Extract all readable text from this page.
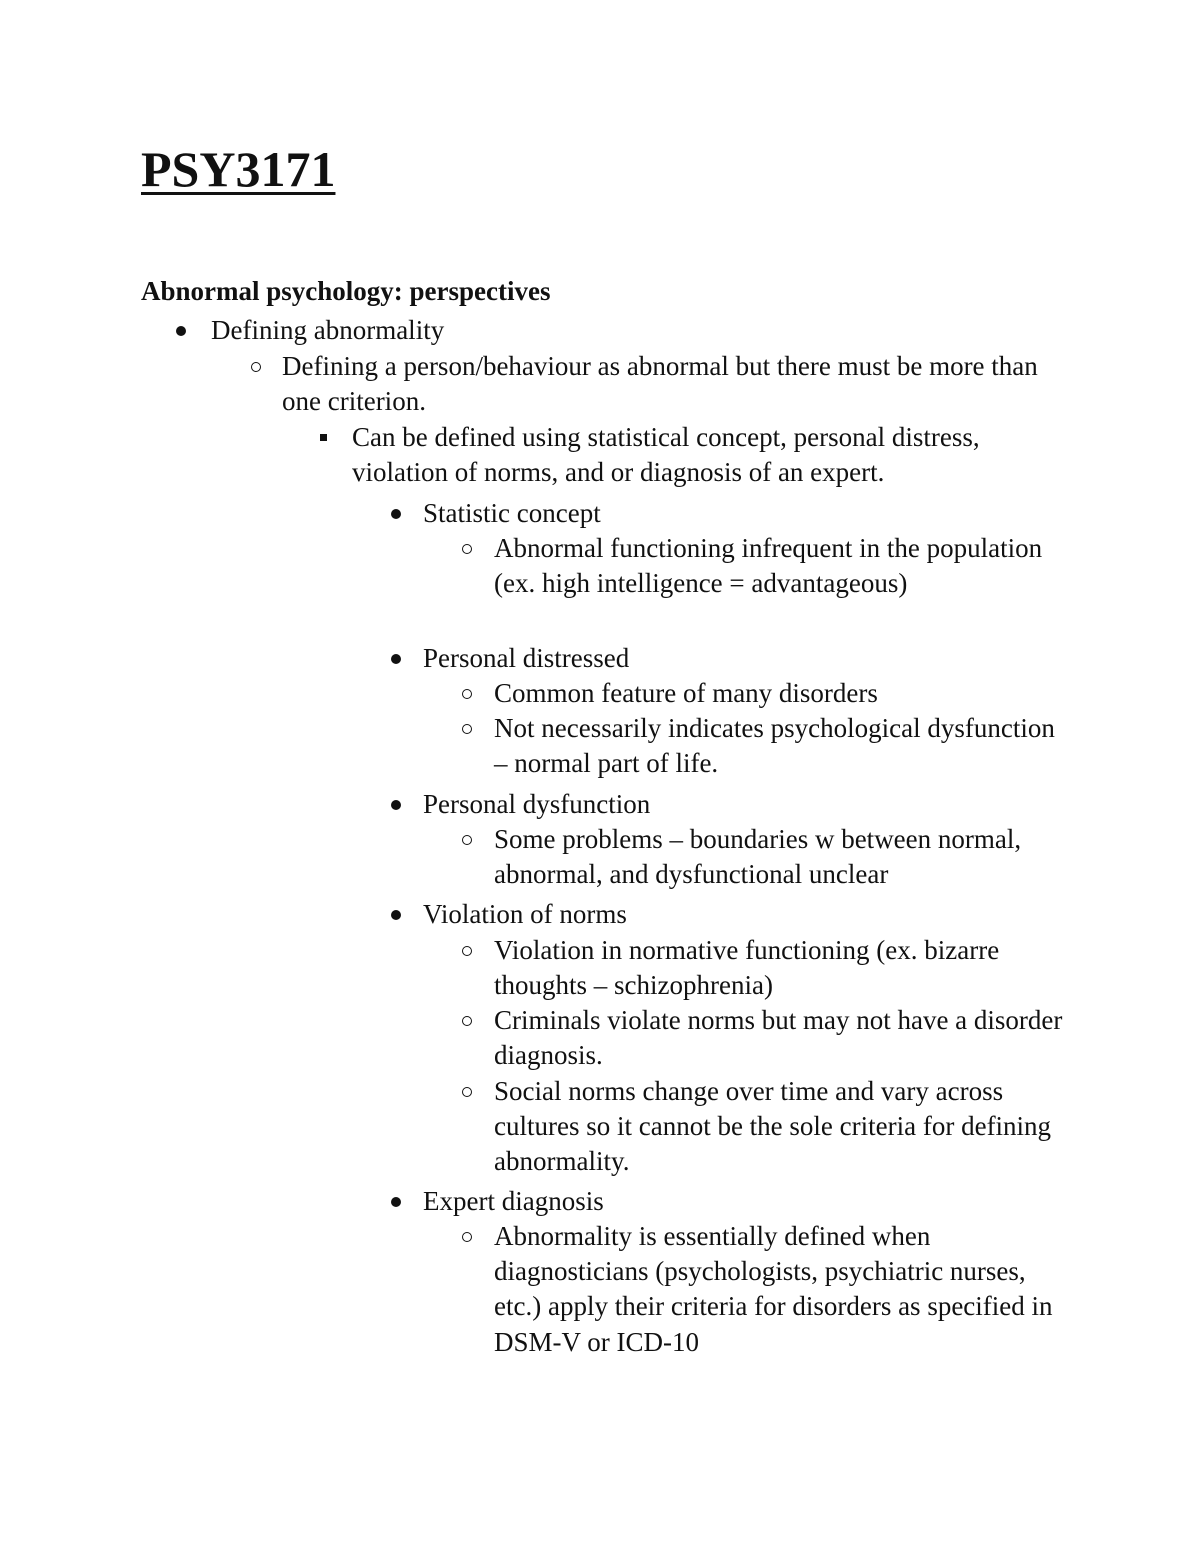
PSY3171
Abnormal psychology: perspectives
Defining abnormality
Defining a person/behaviour as abnormal but there must be more than one criterion.
Can be defined using statistical concept, personal distress, violation of norms, and or diagnosis of an expert.
Statistic concept
Abnormal functioning infrequent in the population (ex. high intelligence = advantageous)
Personal distressed
Common feature of many disorders
Not necessarily indicates psychological dysfunction – normal part of life.
Personal dysfunction
Some problems – boundaries w between normal, abnormal, and dysfunctional unclear
Violation of norms
Violation in normative functioning (ex. bizarre thoughts – schizophrenia)
Criminals violate norms but may not have a disorder diagnosis.
Social norms change over time and vary across cultures so it cannot be the sole criteria for defining abnormality.
Expert diagnosis
Abnormality is essentially defined when diagnosticians (psychologists, psychiatric nurses, etc.) apply their criteria for disorders as specified in DSM-V or ICD-10
